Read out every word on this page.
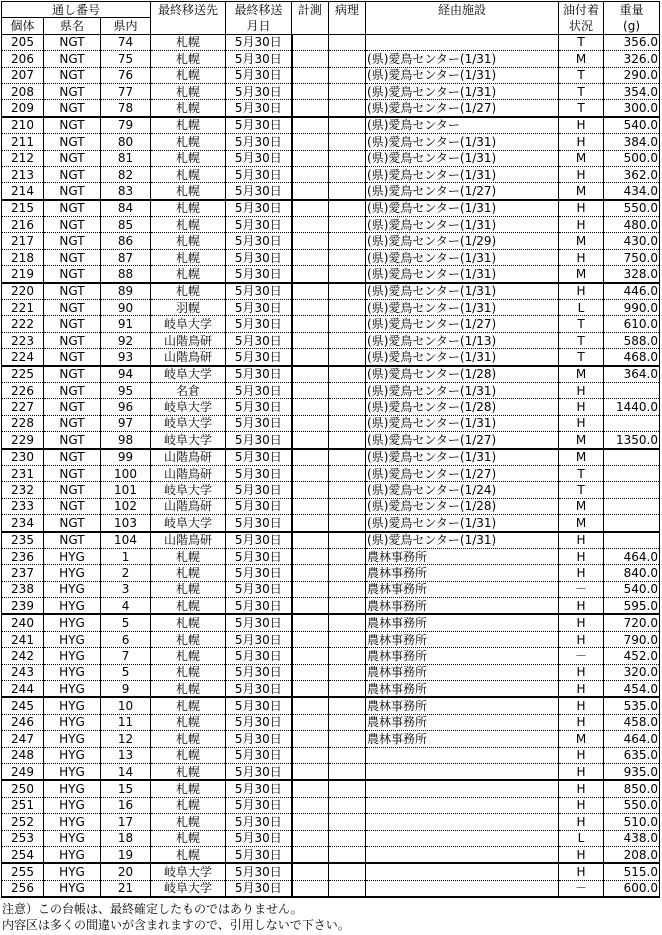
通し番号			最終移送先	最終移送	計測	病理	経由施設	油付着	重量
個体	県名	県内		月日				状況	(g)
205	NGT	74	札幌	5月30日				T	356.0
206	NGT	75	札幌	5月30日			(県)愛鳥センター(1/31)	M	326.0
207	NGT	76	札幌	5月30日			(県)愛鳥センター(1/31)	T	290.0
208	NGT	77	札幌	5月30日			(県)愛鳥センター(1/31)	T	354.0
209	NGT	78	札幌	5月30日			(県)愛鳥センター(1/27)	T	300.0
210	NGT	79	札幌	5月30日			(県)愛鳥センター	H	540.0
211	NGT	80	札幌	5月30日			(県)愛鳥センター(1/31)	H	384.0
212	NGT	81	札幌	5月30日			(県)愛鳥センター(1/31)	M	500.0
213	NGT	82	札幌	5月30日			(県)愛鳥センター(1/31)	H	362.0
214	NGT	83	札幌	5月30日			(県)愛鳥センター(1/27)	M	434.0
215	NGT	84	札幌	5月30日			(県)愛鳥センター(1/31)	H	550.0
216	NGT	85	札幌	5月30日			(県)愛鳥センター(1/31)	H	480.0
217	NGT	86	札幌	5月30日			(県)愛鳥センター(1/29)	M	430.0
218	NGT	87	札幌	5月30日			(県)愛鳥センター(1/31)	H	750.0
219	NGT	88	札幌	5月30日			(県)愛鳥センター(1/31)	M	328.0
220	NGT	89	札幌	5月30日			(県)愛鳥センター(1/31)	H	446.0
221	NGT	90	羽幌	5月30日			(県)愛鳥センター(1/31)	L	990.0
222	NGT	91	岐阜大学	5月30日			(県)愛鳥センター(1/27)	T	610.0
223	NGT	92	山階鳥研	5月30日			(県)愛鳥センター(1/13)	T	588.0
224	NGT	93	山階鳥研	5月30日			(県)愛鳥センター(1/31)	T	468.0
225	NGT	94	岐阜大学	5月30日			(県)愛鳥センター(1/28)	M	364.0
226	NGT	95	名倉	5月30日			(県)愛鳥センター(1/31)	H	
227	NGT	96	岐阜大学	5月30日			(県)愛鳥センター(1/28)	H	1440.0
228	NGT	97	岐阜大学	5月30日			(県)愛鳥センター(1/31)	H	
229	NGT	98	岐阜大学	5月30日			(県)愛鳥センター(1/27)	M	1350.0
230	NGT	99	山階鳥研	5月30日			(県)愛鳥センター(1/31)	M	
231	NGT	100	山階鳥研	5月30日			(県)愛鳥センター(1/27)	T	
232	NGT	101	岐阜大学	5月30日			(県)愛鳥センター(1/24)	T	
233	NGT	102	山階鳥研	5月30日			(県)愛鳥センター(1/28)	M	
234	NGT	103	岐阜大学	5月30日			(県)愛鳥センター(1/31)	M	
235	NGT	104	山階鳥研	5月30日			(県)愛鳥センター(1/31)	H	
236	HYG	1	札幌	5月30日			農林事務所	H	464.0
237	HYG	2	札幌	5月30日			農林事務所	H	840.0
238	HYG	3	札幌	5月30日			農林事務所	－	540.0
239	HYG	4	札幌	5月30日			農林事務所	H	595.0
240	HYG	5	札幌	5月30日			農林事務所	H	720.0
241	HYG	6	札幌	5月30日			農林事務所	H	790.0
242	HYG	7	札幌	5月30日			農林事務所	－	452.0
243	HYG	5	札幌	5月30日			農林事務所	H	320.0
244	HYG	9	札幌	5月30日			農林事務所	H	454.0
245	HYG	10	札幌	5月30日			農林事務所	H	535.0
246	HYG	11	札幌	5月30日			農林事務所	H	458.0
247	HYG	12	札幌	5月30日			農林事務所	M	464.0
248	HYG	13	札幌	5月30日				H	635.0
249	HYG	14	札幌	5月30日				H	935.0
250	HYG	15	札幌	5月30日				H	850.0
251	HYG	16	札幌	5月30日				H	550.0
252	HYG	17	札幌	5月30日				H	510.0
253	HYG	18	札幌	5月30日				L	438.0
254	HYG	19	札幌	5月30日				H	208.0
255	HYG	20	岐阜大学	5月30日				H	515.0
256	HYG	21	岐阜大学	5月30日				－	600.0
注意）この台帳は、最終確定したものではありません。
内容区は多くの間違いが含まれますので、引用しないで下さい。
